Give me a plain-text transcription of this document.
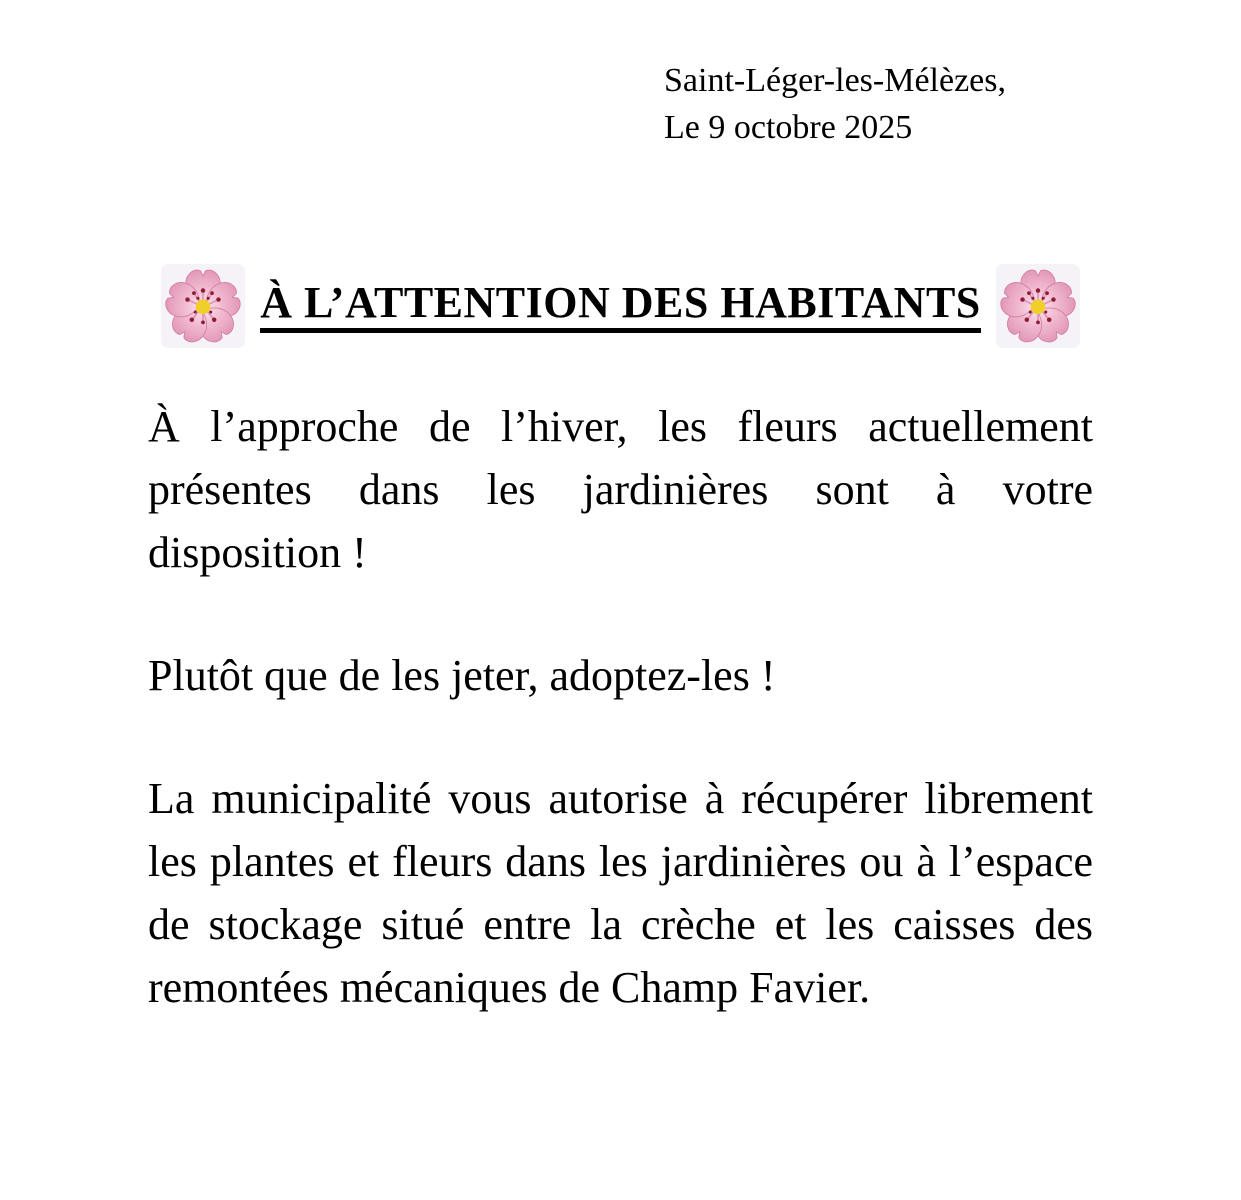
Saint-Léger-les-Mélèzes,
Le 9 octobre 2025
À L’ATTENTION DES HABITANTS
À l’approche de l’hiver, les fleurs actuellement
présentes dans les jardinières sont à votre
disposition !
Plutôt que de les jeter, adoptez-les !
La municipalité vous autorise à récupérer librement
les plantes et fleurs dans les jardinières ou à l’espace
de stockage situé entre la crèche et les caisses des
remontées mécaniques de Champ Favier.
